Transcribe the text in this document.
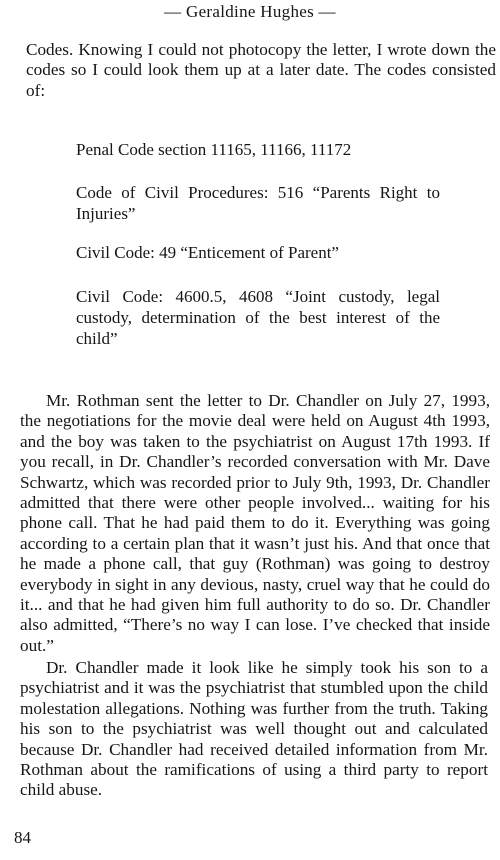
— Geraldine Hughes —

Codes. Knowing I could not photocopy the letter, I wrote down the codes so I could look them up at a later date. The codes consisted of:

Penal Code section 11165, 11166, 11172

Code of Civil Procedures: 516 “Parents Right to Injuries”

Civil Code: 49 “Enticement of Parent”

Civil Code: 4600.5, 4608 “Joint custody, legal custody, determination of the best interest of the child”

Mr. Rothman sent the letter to Dr. Chandler on July 27, 1993, the negotiations for the movie deal were held on August 4th 1993, and the boy was taken to the psychiatrist on August 17th 1993. If you recall, in Dr. Chandler’s recorded conversation with Mr. Dave Schwartz, which was recorded prior to July 9th, 1993, Dr. Chandler admitted that there were other people involved... waiting for his phone call. That he had paid them to do it. Everything was going according to a certain plan that it wasn’t just his. And that once that he made a phone call, that guy (Rothman) was going to destroy everybody in sight in any devious, nasty, cruel way that he could do it... and that he had given him full authority to do so. Dr. Chandler also admitted, “There’s no way I can lose. I’ve checked that inside out.”

Dr. Chandler made it look like he simply took his son to a psychiatrist and it was the psychiatrist that stumbled upon the child molestation allegations. Nothing was further from the truth. Taking his son to the psychiatrist was well thought out and calculated because Dr. Chandler had received detailed information from Mr. Rothman about the ramifications of using a third party to report child abuse.

84
